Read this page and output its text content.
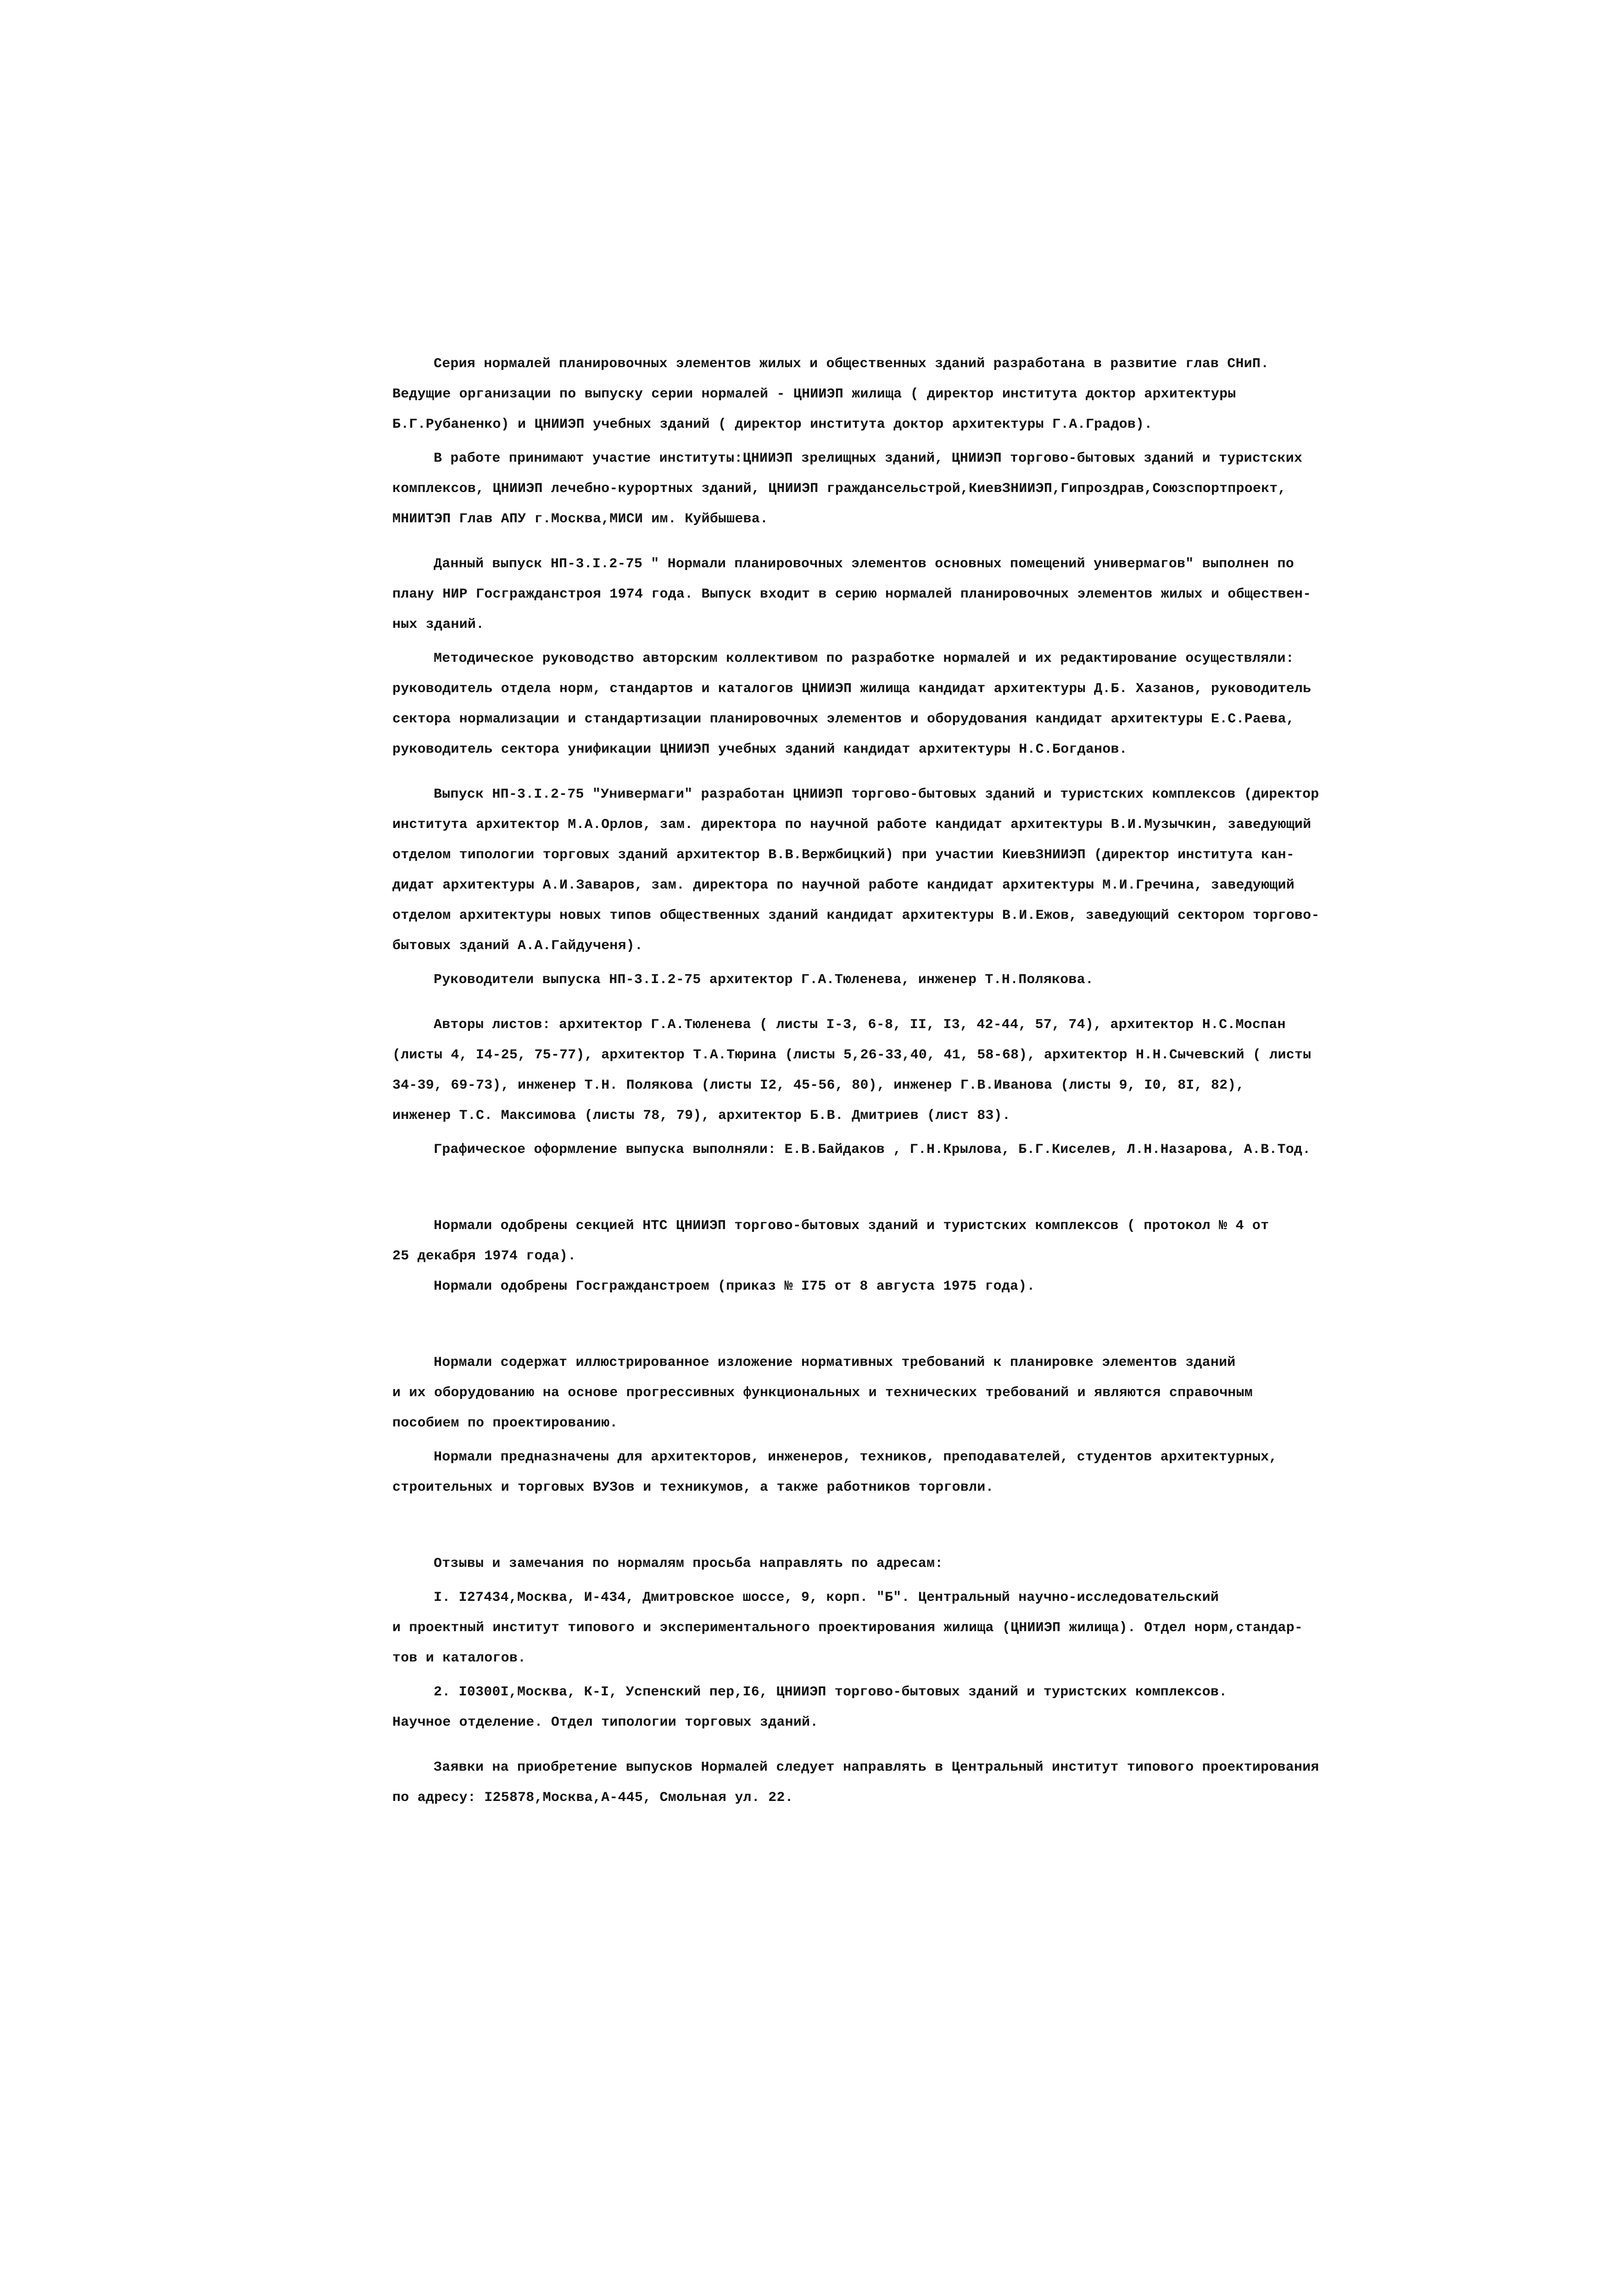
Серия нормалей планировочных элементов жилых и общественных зданий разработана в развитие глав СНиП.
Ведущие организации по выпуску серии нормалей - ЦНИИЭП жилища ( директор института доктор архитектуры
Б.Г.Рубаненко) и ЦНИИЭП учебных зданий ( директор института доктор архитектуры Г.А.Градов).

В работе принимают участие институты:ЦНИИЭП зрелищных зданий, ЦНИИЭП торгово-бытовых зданий и туристских
комплексов, ЦНИИЭП лечебно-курортных зданий, ЦНИИЭП граждансельстрой,КиевЗНИИЭП,Гипроздрав,Союзспортпроект,
МНИИТЭП Глав АПУ г.Москва,МИСИ им. Куйбышева.

Данный выпуск НП-3.I.2-75 " Нормали планировочных элементов основных помещений универмагов" выполнен по
плану НИР Госгражданстроя 1974 года. Выпуск входит в серию нормалей планировочных элементов жилых и обществен-
ных зданий.

Методическое руководство авторским коллективом по разработке нормалей и их редактирование осуществляли:
руководитель отдела норм, стандартов и каталогов ЦНИИЭП жилища кандидат архитектуры Д.Б. Хазанов, руководитель
сектора нормализации и стандартизации планировочных элементов и оборудования кандидат архитектуры Е.С.Раева,
руководитель сектора унификации ЦНИИЭП учебных зданий кандидат архитектуры Н.С.Богданов.

Выпуск НП-3.I.2-75 "Универмаги" разработан ЦНИИЭП торгово-бытовых зданий и туристских комплексов (директор
института архитектор М.А.Орлов, зам. директора по научной работе кандидат архитектуры В.И.Музычкин, заведующий
отделом типологии торговых зданий архитектор В.В.Вержбицкий) при участии КиевЗНИИЭП (директор института кан-
дидат архитектуры А.И.Заваров, зам. директора по научной работе кандидат архитектуры М.И.Гречина, заведующий
отделом архитектуры новых типов общественных зданий кандидат архитектуры В.И.Ежов, заведующий сектором торгово-
бытовых зданий А.А.Гайдученя).

Руководители выпуска НП-3.I.2-75 архитектор Г.А.Тюленева, инженер Т.Н.Полякова.

Авторы листов: архитектор Г.А.Тюленева ( листы I-3, 6-8, II, I3, 42-44, 57, 74), архитектор Н.С.Моспан
(листы 4, I4-25, 75-77), архитектор Т.А.Тюрина (листы 5,26-33,40, 41, 58-68), архитектор Н.Н.Сычевский ( листы
34-39, 69-73), инженер Т.Н. Полякова (листы I2, 45-56, 80), инженер Г.В.Иванова (листы 9, I0, 8I, 82),
инженер Т.С. Максимова (листы 78, 79), архитектор Б.В. Дмитриев (лист 83).

Графическое оформление выпуска выполняли: Е.В.Байдаков , Г.Н.Крылова, Б.Г.Киселев, Л.Н.Назарова, А.В.Тод.

Нормали одобрены секцией НТС ЦНИИЭП торгово-бытовых зданий и туристских комплексов ( протокол № 4 от
25 декабря 1974 года).

Нормали одобрены Госгражданстроем (приказ № I75 от 8 августа 1975 года).

Нормали содержат иллюстрированное изложение нормативных требований к планировке элементов зданий
и их оборудованию на основе прогрессивных функциональных и технических требований и являются справочным
пособием по проектированию.

Нормали предназначены для архитекторов, инженеров, техников, преподавателей, студентов архитектурных,
строительных и торговых ВУЗов и техникумов, а также работников торговли.

Отзывы и замечания по нормалям просьба направлять по адресам:

I. I27434,Москва, И-434, Дмитровское шоссе, 9, корп. "Б". Центральный научно-исследовательский
и проектный институт типового и экспериментального проектирования жилища (ЦНИИЭП жилища). Отдел норм,стандар-
тов и каталогов.

2. I0300I,Москва, К-I, Успенский пер,I6, ЦНИИЭП торгово-бытовых зданий и туристских комплексов.
Научное отделение. Отдел типологии торговых зданий.

Заявки на приобретение выпусков Нормалей следует направлять в Центральный институт типового проектирования
по адресу: I25878,Москва,А-445, Смольная ул. 22.
